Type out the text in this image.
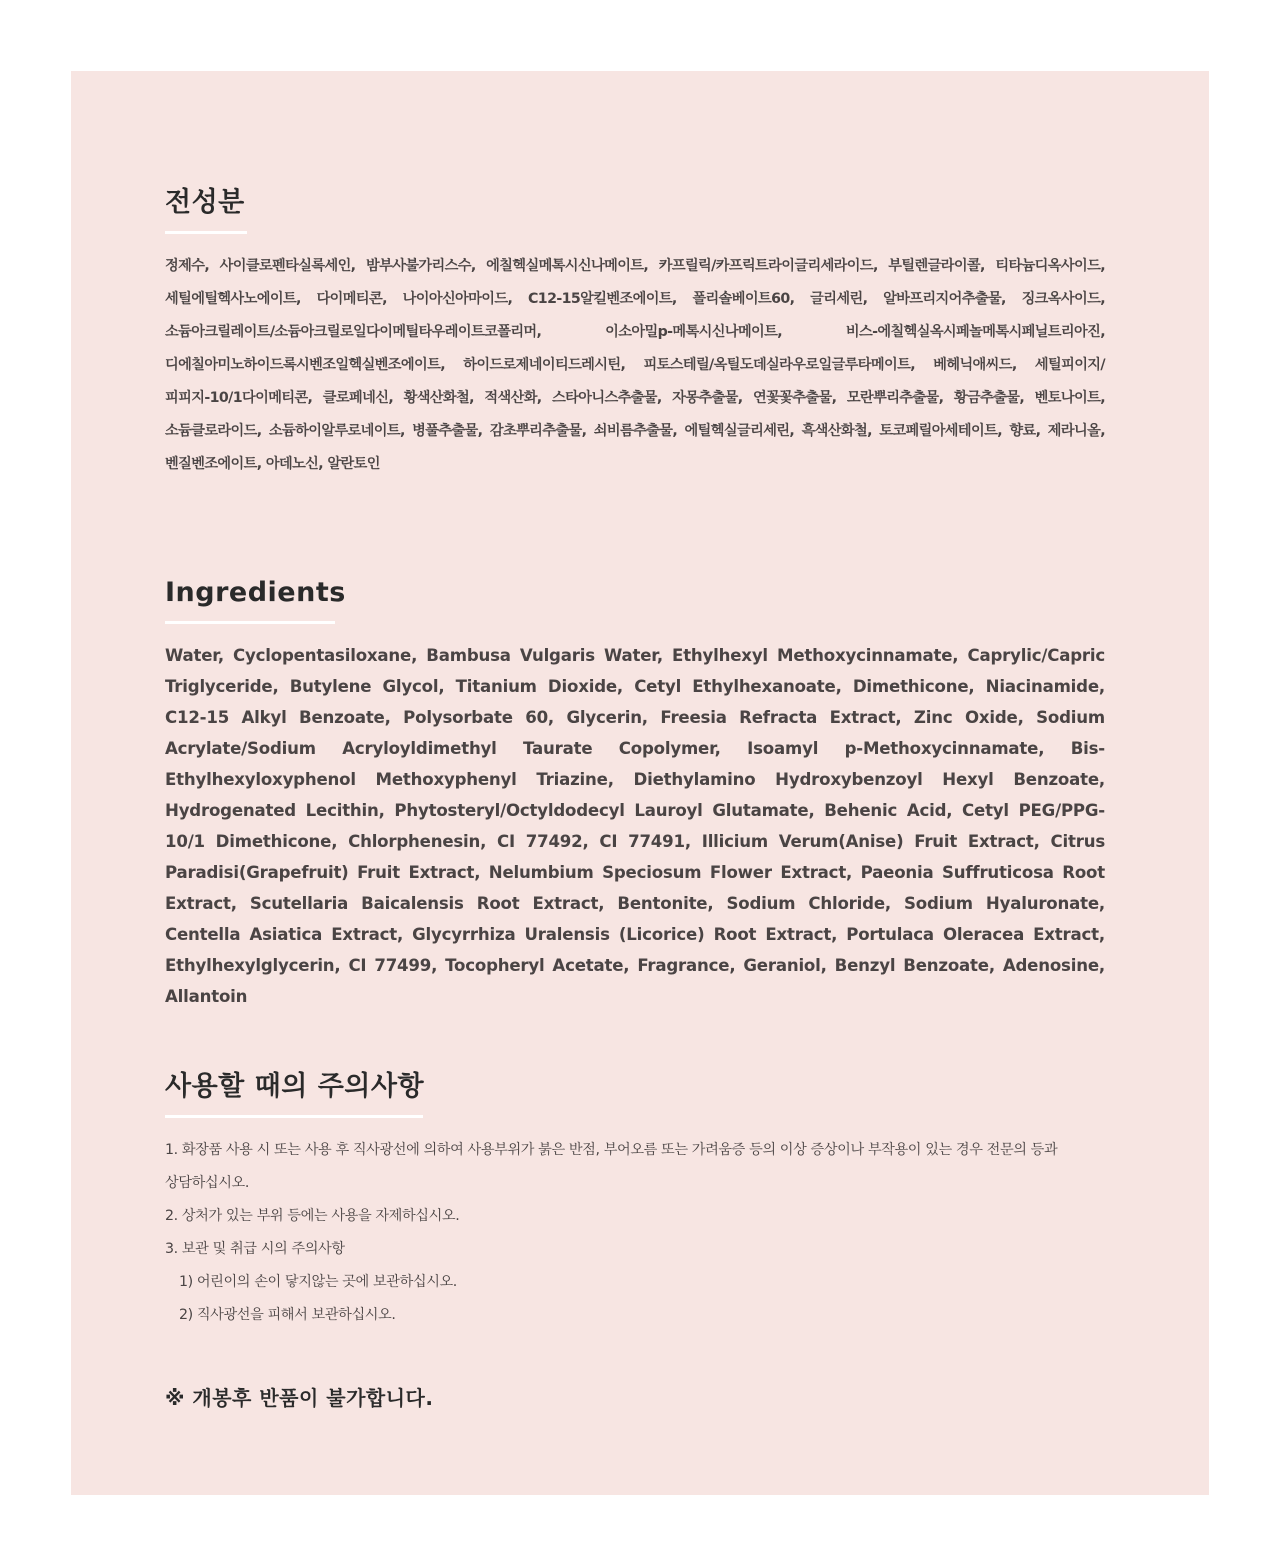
전성분

정제수, 사이클로펜타실록세인, 밤부사불가리스수, 에칠헥실메톡시신나메이트, 카프릴릭/카프릭트라이글리세라이드, 부틸렌글라이콜, 티타늄디옥사이드, 세틸에틸헥사노에이트, 다이메티콘, 나이아신아마이드, C12-15알킬벤조에이트, 폴리솔베이트60, 글리세린, 알바프리지어추출물, 징크옥사이드, 소듐아크릴레이트/소듐아크릴로일다이메틸타우레이트코폴리머, 이소아밀p-메톡시신나메이트, 비스-에칠헥실옥시페놀메톡시페닐트리아진, 디에칠아미노하이드록시벤조일헥실벤조에이트, 하이드로제네이티드레시틴, 피토스테릴/옥틸도데실라우로일글루타메이트, 베헤닉애씨드, 세틸피이지/피피지-10/1다이메티콘, 클로페네신, 황색산화철, 적색산화, 스타아니스추출물, 자몽추출물, 연꽃꽃추출물, 모란뿌리추출물, 황금추출물, 벤토나이트, 소듐클로라이드, 소듐하이알루로네이트, 병풀추출물, 감초뿌리추출물, 쇠비름추출물, 에틸헥실글리세린, 흑색산화철, 토코페릴아세테이트, 향료, 제라니올, 벤질벤조에이트, 아데노신, 알란토인

Ingredients

Water, Cyclopentasiloxane, Bambusa Vulgaris Water, Ethylhexyl Methoxycinnamate, Caprylic/Capric Triglyceride, Butylene Glycol, Titanium Dioxide, Cetyl Ethylhexanoate, Dimethicone, Niacinamide, C12-15 Alkyl Benzoate, Polysorbate 60, Glycerin, Freesia Refracta Extract, Zinc Oxide, Sodium Acrylate/Sodium Acryloyldimethyl Taurate Copolymer, Isoamyl p-Methoxycinnamate, Bis-Ethylhexyloxyphenol Methoxyphenyl Triazine, Diethylamino Hydroxybenzoyl Hexyl Benzoate, Hydrogenated Lecithin, Phytosteryl/Octyldodecyl Lauroyl Glutamate, Behenic Acid, Cetyl PEG/PPG-10/1 Dimethicone, Chlorphenesin, CI 77492, CI 77491, Illicium Verum(Anise) Fruit Extract, Citrus Paradisi(Grapefruit) Fruit Extract, Nelumbium Speciosum Flower Extract, Paeonia Suffruticosa Root Extract, Scutellaria Baicalensis Root Extract, Bentonite, Sodium Chloride, Sodium Hyaluronate, Centella Asiatica Extract, Glycyrrhiza Uralensis (Licorice) Root Extract, Portulaca Oleracea Extract, Ethylhexylglycerin, CI 77499, Tocopheryl Acetate, Fragrance, Geraniol, Benzyl Benzoate, Adenosine, Allantoin

사용할 때의 주의사항
1. 화장품 사용 시 또는 사용 후 직사광선에 의하여 사용부위가 붉은 반점, 부어오름 또는 가려움증 등의 이상 증상이나 부작용이 있는 경우 전문의 등과 상담하십시오.
2. 상처가 있는 부위 등에는 사용을 자제하십시오.
3. 보관 및 취급 시의 주의사항
1) 어린이의 손이 닿지않는 곳에 보관하십시오.
2) 직사광선을 피해서 보관하십시오.

※ 개봉후 반품이 불가합니다.
